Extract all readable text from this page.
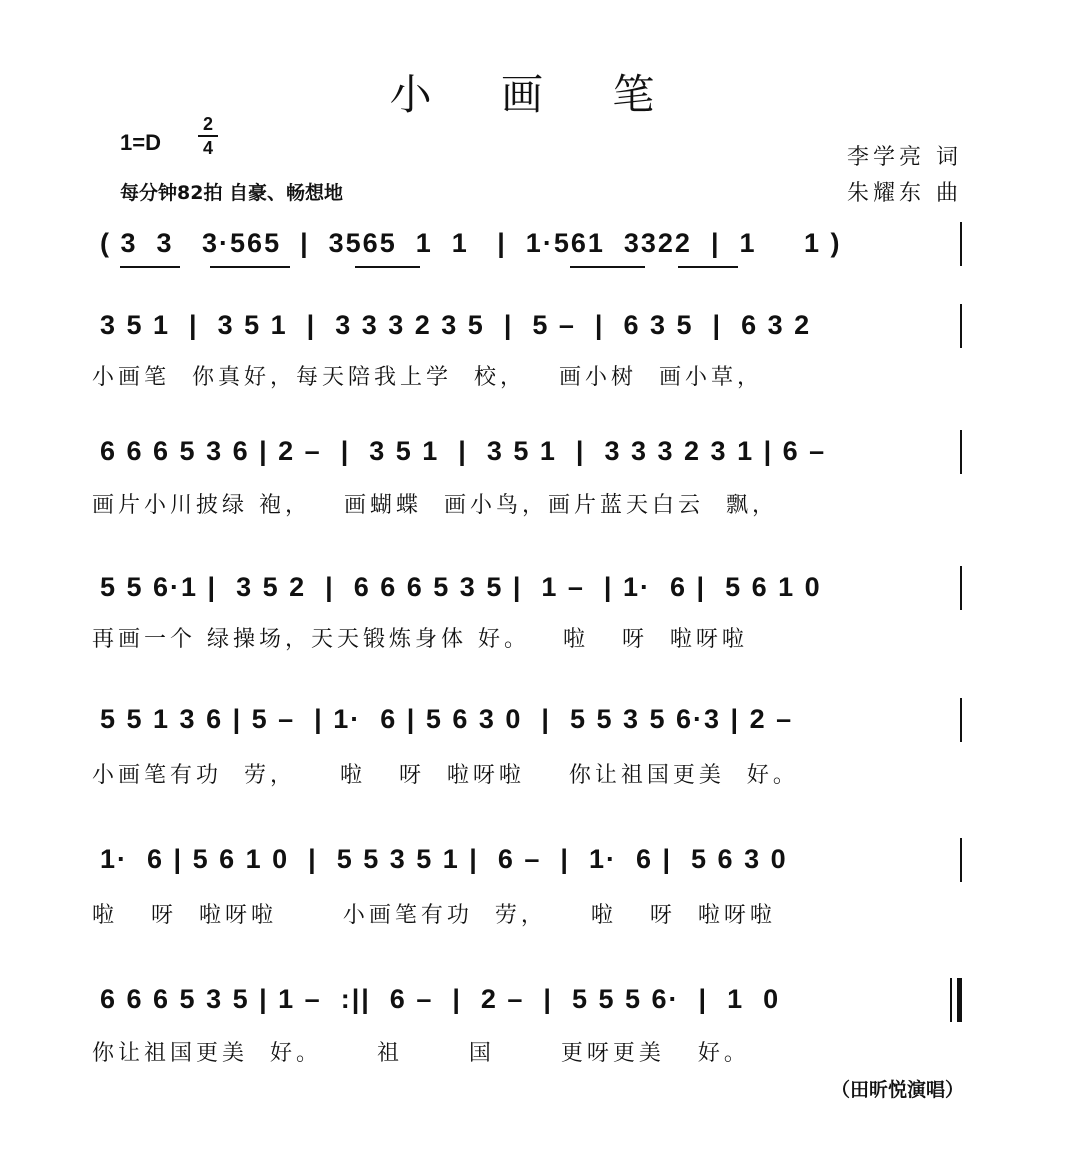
小 画 笔
1=D
2
4
每分钟82拍 自豪、畅想地
李学亮 词
朱耀东 曲

( 3  3   3·565  |  3565  1  1   |  1·561  3322  |  1     1 )

3 5 1  |  3 5 1  |  3 3 3 2 3 5  |  5 –  |  6 3 5  |  6 3 2

小画笔  你真好，每天陪我上学  校，   画小树  画小草，

6 6 6 5 3 6 | 2 –  |  3 5 1  |  3 5 1  |  3 3 3 2 3 1 | 6 –

画片小川披绿 袍，   画蝴蝶  画小鸟，画片蓝天白云  飘，

5 5 6·1 |  3 5 2  |  6 6 6 5 3 5 |  1 –  | 1·  6 |  5 6 1 0

再画一个 绿操场，天天锻炼身体 好。   啦   呀  啦呀啦

5 5 1 3 6 | 5 –  | 1·  6 | 5 6 3 0  |  5 5 3 5 6·3 | 2 –

小画笔有功  劳，    啦   呀  啦呀啦    你让祖国更美  好。

1·  6 | 5 6 1 0  |  5 5 3 5 1 |  6 –  |  1·  6 |  5 6 3 0

啦   呀  啦呀啦      小画笔有功  劳，    啦   呀  啦呀啦

6 6 6 5 3 5 | 1 –  :||  6 –  |  2 –  |  5 5 5 6·  |  1  0

你让祖国更美  好。     祖      国      更呀更美   好。
（田昕悦演唱）
